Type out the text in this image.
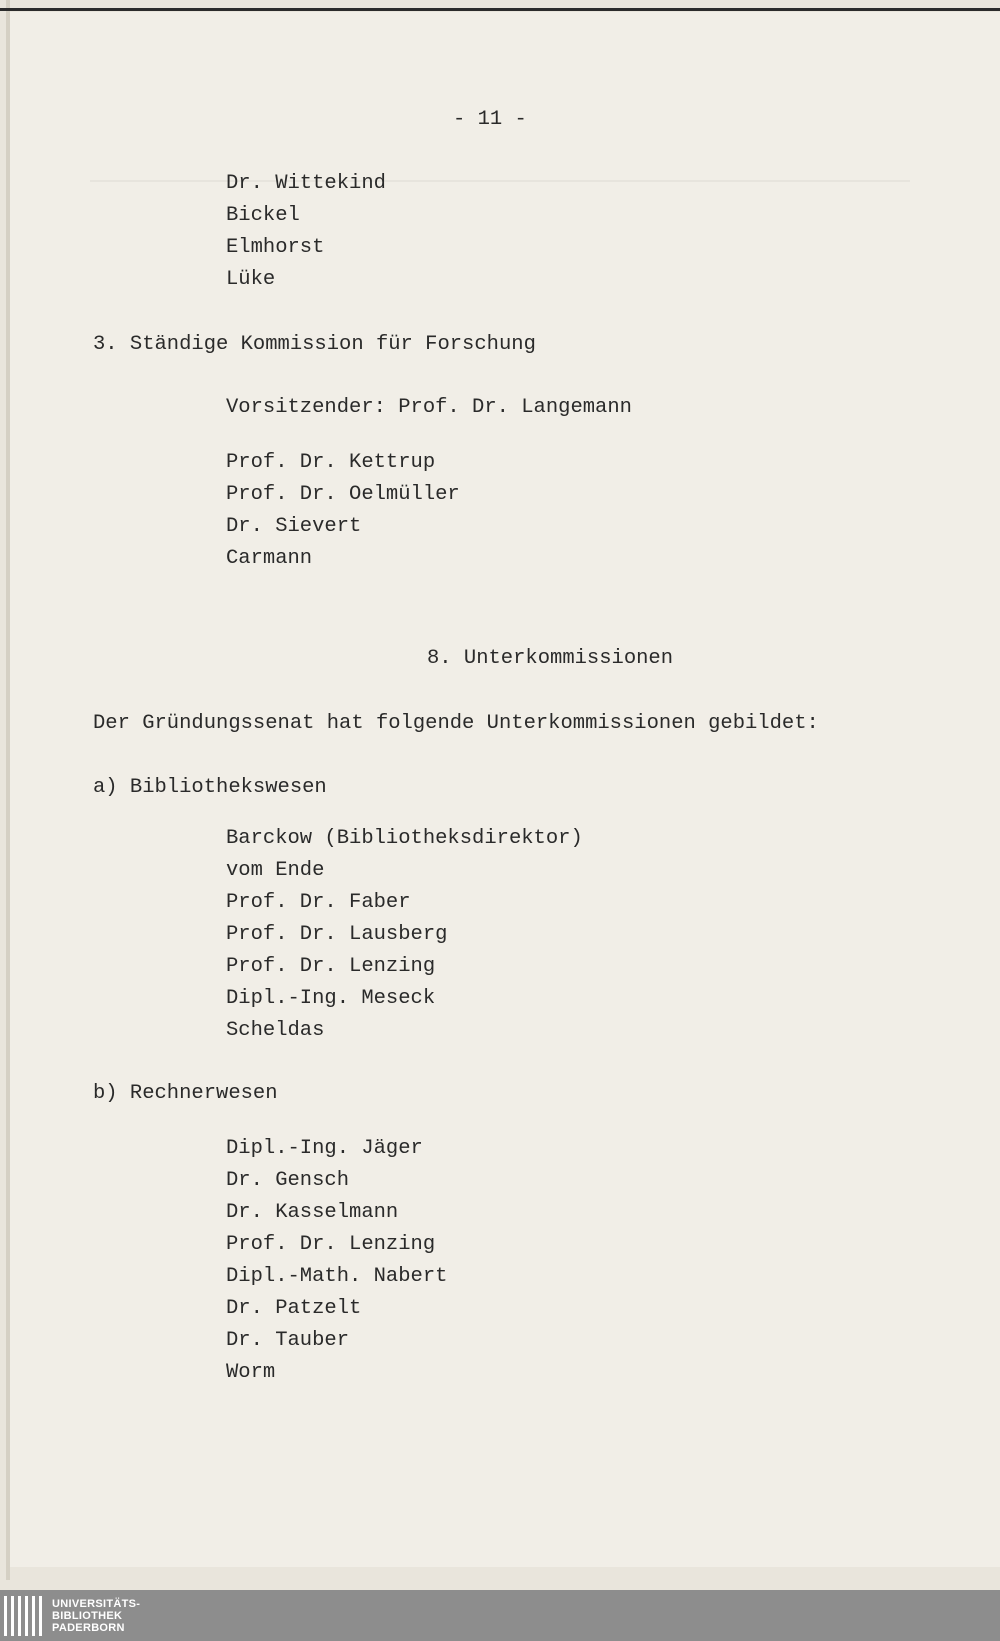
- 11 -
Dr. Wittekind
Bickel
Elmhorst
Lüke
3. Ständige Kommission für Forschung
Vorsitzender: Prof. Dr. Langemann
Prof. Dr. Kettrup
Prof. Dr. Oelmüller
Dr. Sievert
Carmann
8. Unterkommissionen
Der Gründungssenat hat folgende Unterkommissionen gebildet:
a) Bibliothekswesen
Barckow (Bibliotheksdirektor)
vom Ende
Prof. Dr. Faber
Prof. Dr. Lausberg
Prof. Dr. Lenzing
Dipl.-Ing. Meseck
Scheldas
b) Rechnerwesen
Dipl.-Ing. Jäger
Dr. Gensch
Dr. Kasselmann
Prof. Dr. Lenzing
Dipl.-Math. Nabert
Dr. Patzelt
Dr. Tauber
Worm
UNIVERSITÄTS-
BIBLIOTHEK
PADERBORN
